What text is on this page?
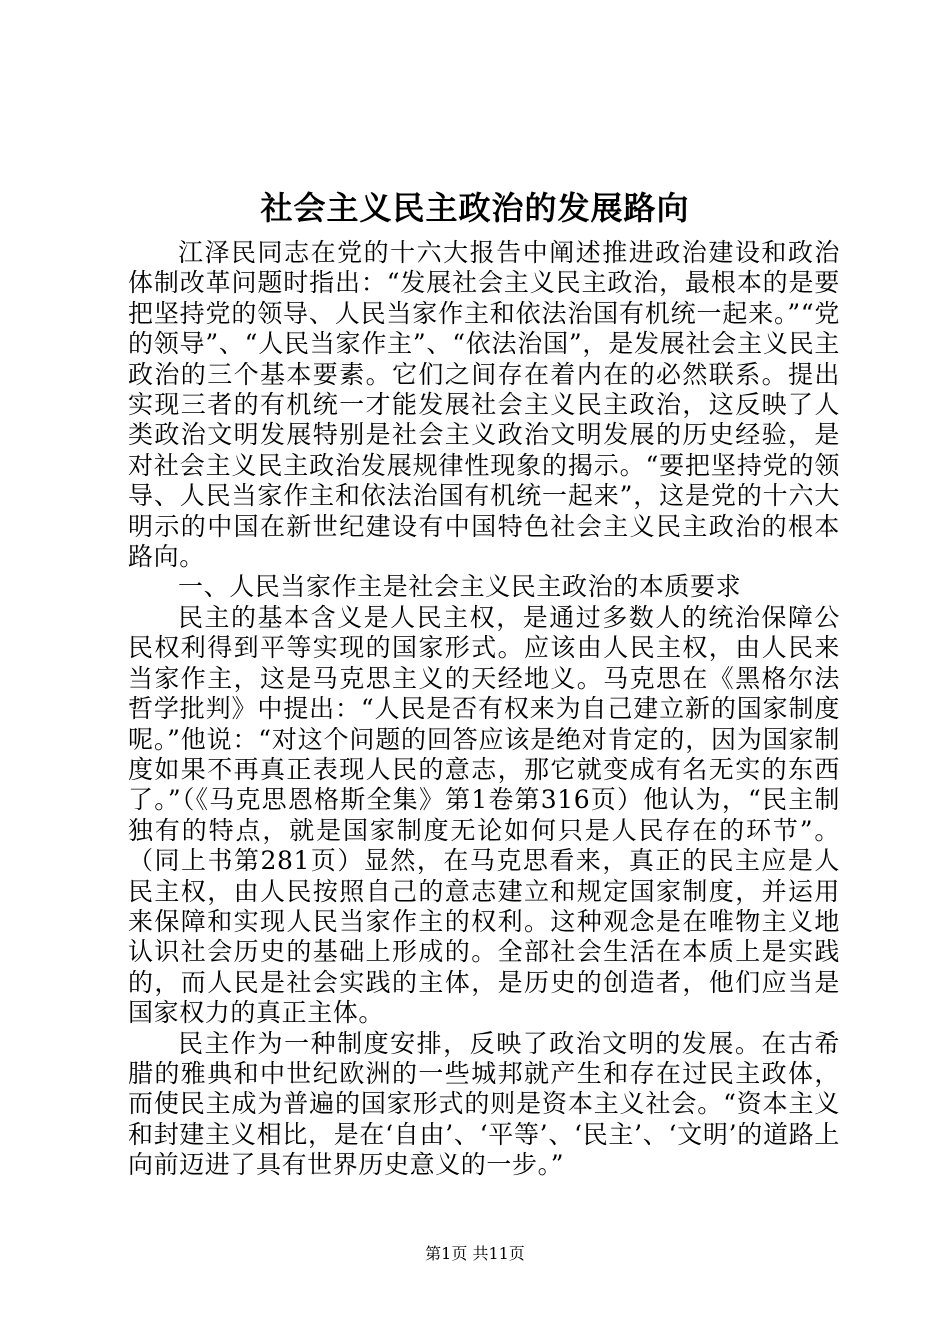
社会主义民主政治的发展路向

江泽民同志在党的十六大报告中阐述推进政治建设和政治体制改革问题时指出：“发展社会主义民主政治，最根本的是要把坚持党的领导、人民当家作主和依法治国有机统一起来。”“党的领导”、“人民当家作主”、“依法治国”，是发展社会主义民主政治的三个基本要素。它们之间存在着内在的必然联系。提出实现三者的有机统一才能发展社会主义民主政治，这反映了人类政治文明发展特别是社会主义政治文明发展的历史经验，是对社会主义民主政治发展规律性现象的揭示。“要把坚持党的领导、人民当家作主和依法治国有机统一起来”，这是党的十六大明示的中国在新世纪建设有中国特色社会主义民主政治的根本路向。

一、人民当家作主是社会主义民主政治的本质要求

民主的基本含义是人民主权，是通过多数人的统治保障公民权利得到平等实现的国家形式。应该由人民主权，由人民来当家作主，这是马克思主义的天经地义。马克思在《黑格尔法哲学批判》中提出：“人民是否有权来为自己建立新的国家制度呢。”他说：“对这个问题的回答应该是绝对肯定的，因为国家制度如果不再真正表现人民的意志，那它就变成有名无实的东西了。”（《马克思恩格斯全集》第1卷第316页）他认为，“民主制独有的特点，就是国家制度无论如何只是人民存在的环节”。（同上书第281页）显然，在马克思看来，真正的民主应是人民主权，由人民按照自己的意志建立和规定国家制度，并运用来保障和实现人民当家作主的权利。这种观念是在唯物主义地认识社会历史的基础上形成的。全部社会生活在本质上是实践的，而人民是社会实践的主体，是历史的创造者，他们应当是国家权力的真正主体。

民主作为一种制度安排，反映了政治文明的发展。在古希腊的雅典和中世纪欧洲的一些城邦就产生和存在过民主政体，而使民主成为普遍的国家形式的则是资本主义社会。“资本主义和封建主义相比，是在‘自由’、‘平等’、‘民主’、‘文明’的道路上向前迈进了具有世界历史意义的一步。”

第1页 共11页
